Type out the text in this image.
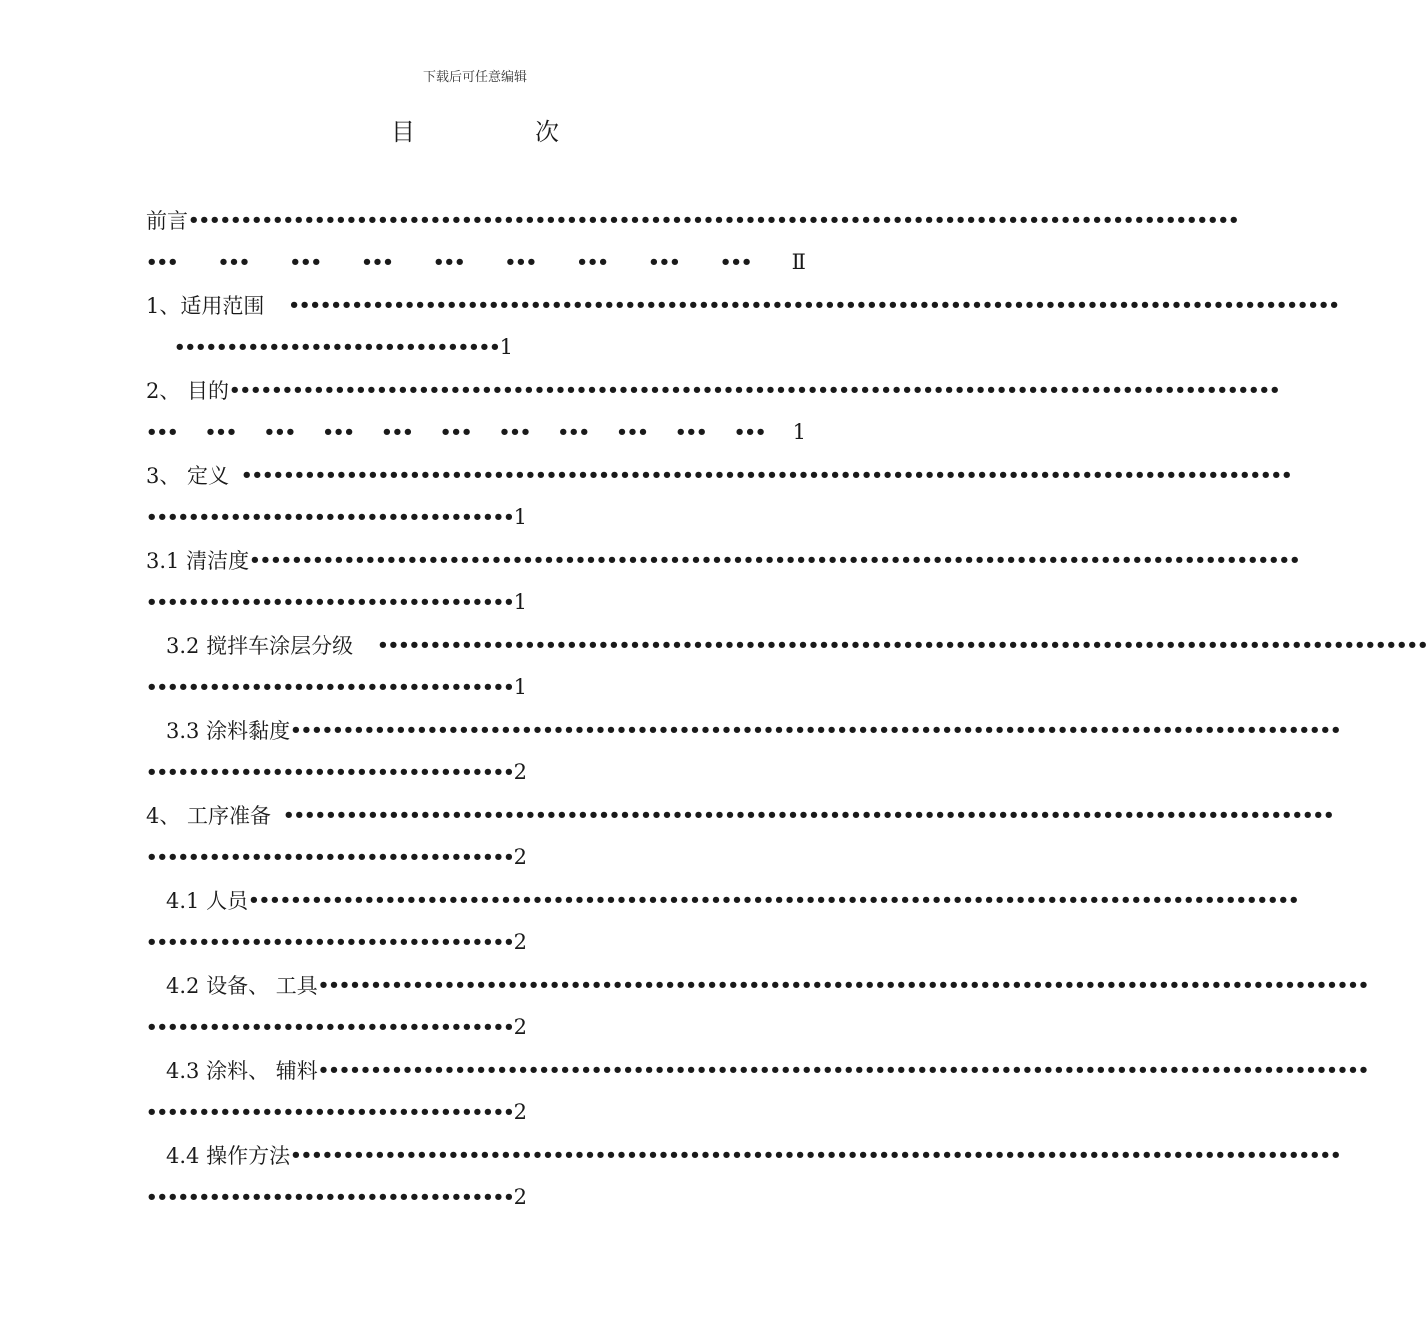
下载后可任意编辑
目　次
前言 ••••••••••••••••••••••••••••••••••••••••••••••••••••••••••••••••••••••••••••••••••••••••••••••••••••
••• ••• ••• ••• ••• ••• ••• ••• ••• Ⅱ
1、适用范围 ••••••••••••••••••••••••••••••••••••••••••••••••••••••••••••••••••••••••••••••••••••••••••••••••••••
••••••••••••••••••••••••••••••• 1
2、 目的 ••••••••••••••••••••••••••••••••••••••••••••••••••••••••••••••••••••••••••••••••••••••••••••••••••••
••• ••• ••• ••• ••• ••• ••• ••• ••• ••• ••• 1
3、 定义 ••••••••••••••••••••••••••••••••••••••••••••••••••••••••••••••••••••••••••••••••••••••••••••••••••••
••••••••••••••••••••••••••••••••••• 1
3.1 清洁度 ••••••••••••••••••••••••••••••••••••••••••••••••••••••••••••••••••••••••••••••••••••••••••••••••••••
••••••••••••••••••••••••••••••••••• 1
3.2 搅拌车涂层分级 ••••••••••••••••••••••••••••••••••••••••••••••••••••••••••••••••••••••••••••••••••••••••••••••••••••
••••••••••••••••••••••••••••••••••• 1
3.3 涂料黏度 ••••••••••••••••••••••••••••••••••••••••••••••••••••••••••••••••••••••••••••••••••••••••••••••••••••
••••••••••••••••••••••••••••••••••• 2
4、 工序准备 ••••••••••••••••••••••••••••••••••••••••••••••••••••••••••••••••••••••••••••••••••••••••••••••••••••
••••••••••••••••••••••••••••••••••• 2
4.1 人员 ••••••••••••••••••••••••••••••••••••••••••••••••••••••••••••••••••••••••••••••••••••••••••••••••••••
••••••••••••••••••••••••••••••••••• 2
4.2 设备、 工具 ••••••••••••••••••••••••••••••••••••••••••••••••••••••••••••••••••••••••••••••••••••••••••••••••••••
••••••••••••••••••••••••••••••••••• 2
4.3 涂料、 辅料 ••••••••••••••••••••••••••••••••••••••••••••••••••••••••••••••••••••••••••••••••••••••••••••••••••••
••••••••••••••••••••••••••••••••••• 2
4.4 操作方法 ••••••••••••••••••••••••••••••••••••••••••••••••••••••••••••••••••••••••••••••••••••••••••••••••••••
••••••••••••••••••••••••••••••••••• 2
